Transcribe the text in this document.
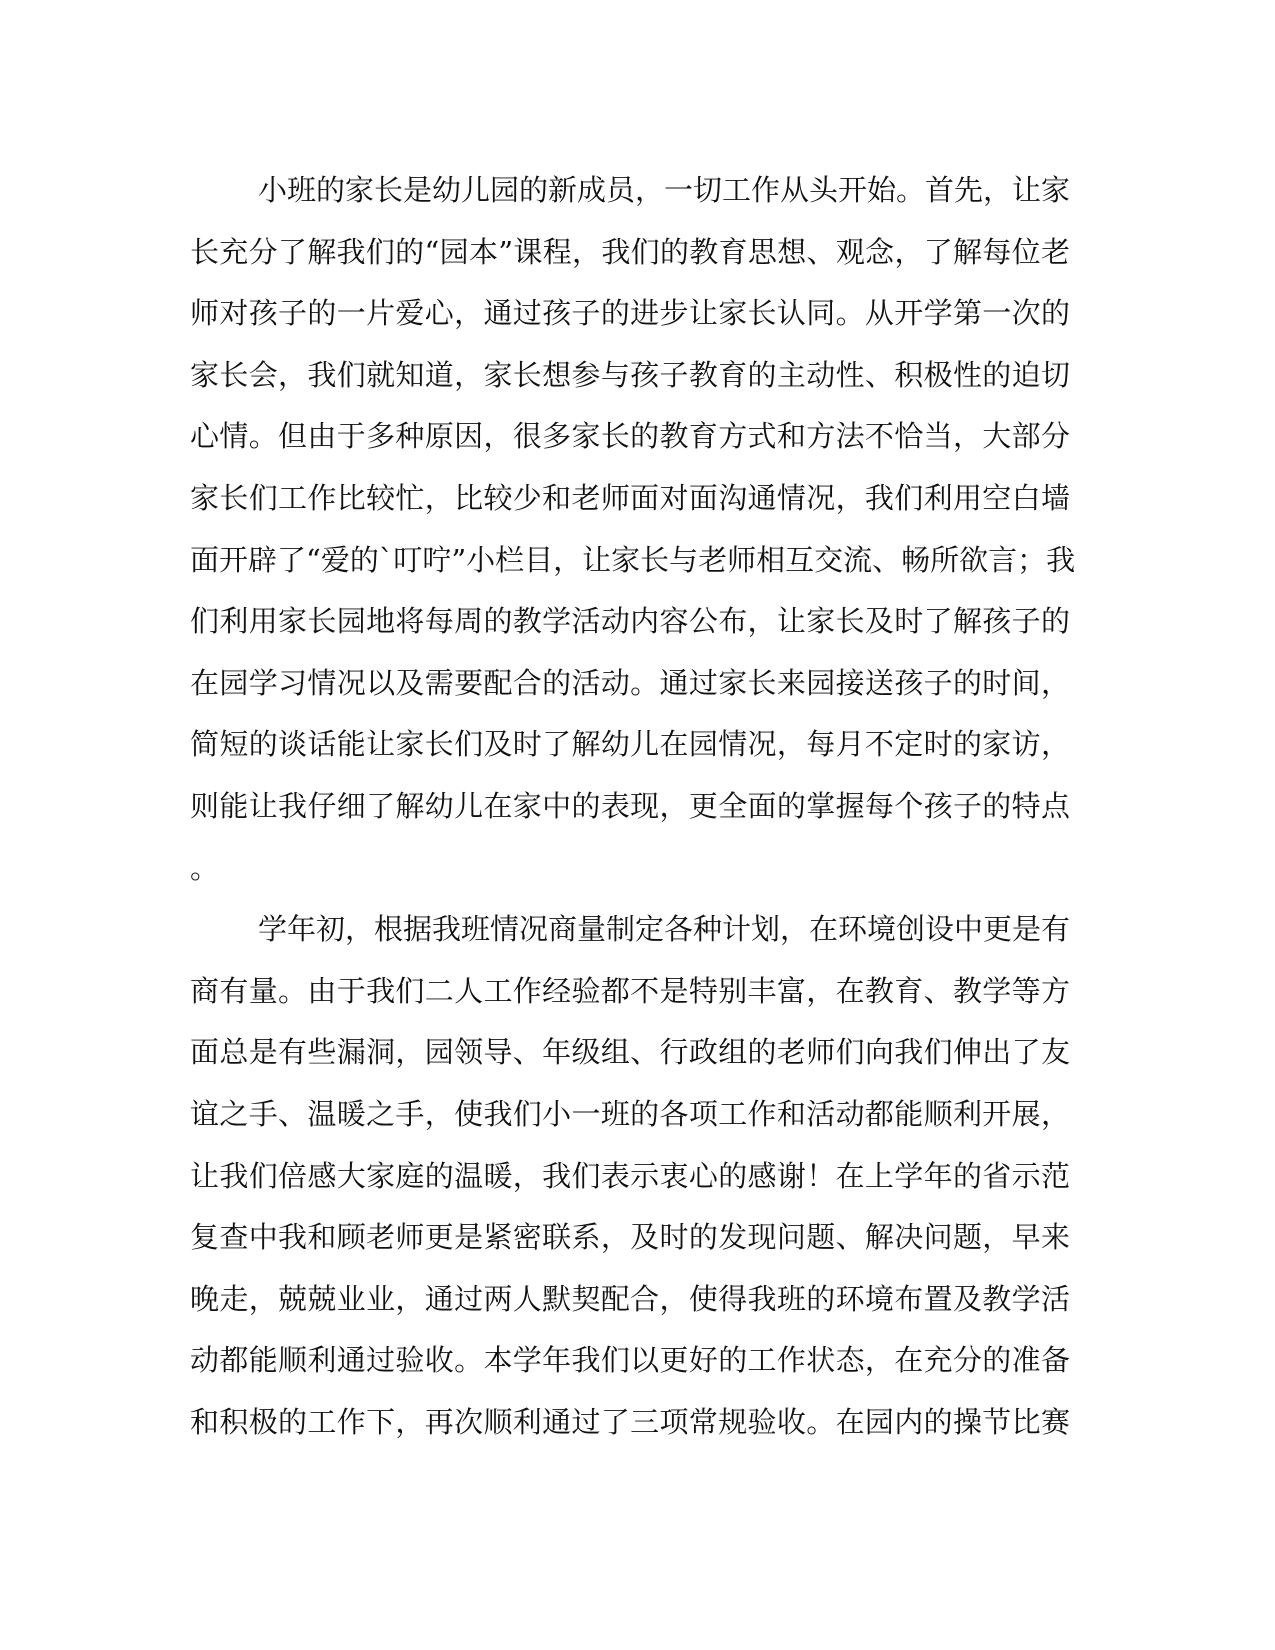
小班的家长是幼儿园的新成员，一切工作从头开始。首先，让家
长充分了解我们的“园本”课程，我们的教育思想、观念，了解每位老
师对孩子的一片爱心，通过孩子的进步让家长认同。从开学第一次的
家长会，我们就知道，家长想参与孩子教育的主动性、积极性的迫切
心情。但由于多种原因，很多家长的教育方式和方法不恰当，大部分
家长们工作比较忙，比较少和老师面对面沟通情况，我们利用空白墙
面开辟了“爱的`叮咛”小栏目，让家长与老师相互交流、畅所欲言；我
们利用家长园地将每周的教学活动内容公布，让家长及时了解孩子的
在园学习情况以及需要配合的活动。通过家长来园接送孩子的时间，
简短的谈话能让家长们及时了解幼儿在园情况，每月不定时的家访，
则能让我仔细了解幼儿在家中的表现，更全面的掌握每个孩子的特点
。
学年初，根据我班情况商量制定各种计划，在环境创设中更是有
商有量。由于我们二人工作经验都不是特别丰富，在教育、教学等方
面总是有些漏洞，园领导、年级组、行政组的老师们向我们伸出了友
谊之手、温暖之手，使我们小一班的各项工作和活动都能顺利开展，
让我们倍感大家庭的温暖，我们表示衷心的感谢！在上学年的省示范
复查中我和顾老师更是紧密联系，及时的发现问题、解决问题，早来
晚走，兢兢业业，通过两人默契配合，使得我班的环境布置及教学活
动都能顺利通过验收。本学年我们以更好的工作状态，在充分的准备
和积极的工作下，再次顺利通过了三项常规验收。在园内的操节比赛
